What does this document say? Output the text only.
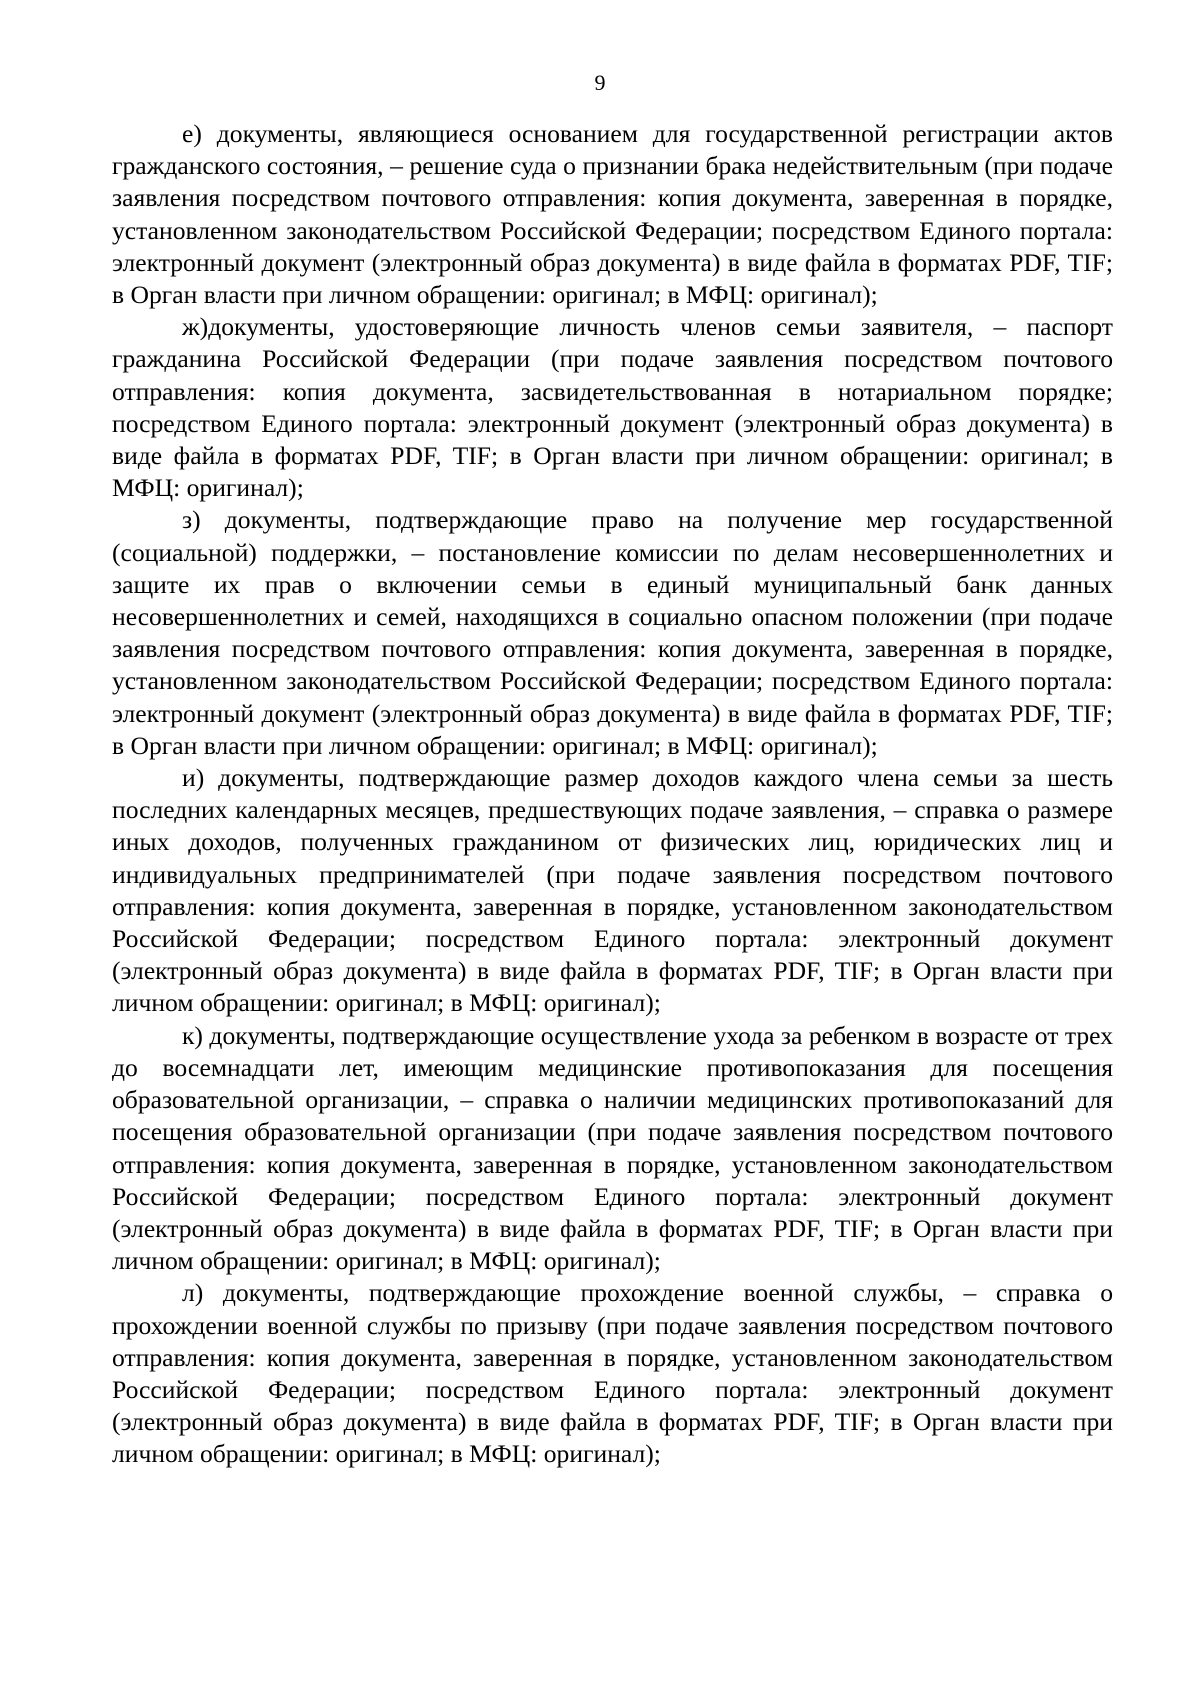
9

е) документы, являющиеся основанием для государственной регистрации актов гражданского состояния, – решение суда о признании брака недействительным (при подаче заявления посредством почтового отправления: копия документа, заверенная в порядке, установленном законодательством Российской Федерации; посредством Единого портала: электронный документ (электронный образ документа) в виде файла в форматах PDF, TIF; в Орган власти при личном обращении: оригинал; в МФЦ: оригинал);

ж)документы, удостоверяющие личность членов семьи заявителя, – паспорт гражданина Российской Федерации (при подаче заявления посредством почтового отправления: копия документа, засвидетельствованная в нотариальном порядке; посредством Единого портала: электронный документ (электронный образ документа) в виде файла в форматах PDF, TIF; в Орган власти при личном обращении: оригинал; в МФЦ: оригинал);

з) документы, подтверждающие право на получение мер государственной (социальной) поддержки, – постановление комиссии по делам несовершеннолетних и защите их прав о включении семьи в единый муниципальный банк данных несовершеннолетних и семей, находящихся в социально опасном положении (при подаче заявления посредством почтового отправления: копия документа, заверенная в порядке, установленном законодательством Российской Федерации; посредством Единого портала: электронный документ (электронный образ документа) в виде файла в форматах PDF, TIF; в Орган власти при личном обращении: оригинал; в МФЦ: оригинал);

и) документы, подтверждающие размер доходов каждого члена семьи за шесть последних календарных месяцев, предшествующих подаче заявления, – справка о размере иных доходов, полученных гражданином от физических лиц, юридических лиц и индивидуальных предпринимателей (при подаче заявления посредством почтового отправления: копия документа, заверенная в порядке, установленном законодательством Российской Федерации; посредством Единого портала: электронный документ (электронный образ документа) в виде файла в форматах PDF, TIF; в Орган власти при личном обращении: оригинал; в МФЦ: оригинал);

к) документы, подтверждающие осуществление ухода за ребенком в возрасте от трех до восемнадцати лет, имеющим медицинские противопоказания для посещения образовательной организации, – справка о наличии медицинских противопоказаний для посещения образовательной организации (при подаче заявления посредством почтового отправления: копия документа, заверенная в порядке, установленном законодательством Российской Федерации; посредством Единого портала: электронный документ (электронный образ документа) в виде файла в форматах PDF, TIF; в Орган власти при личном обращении: оригинал; в МФЦ: оригинал);

л) документы, подтверждающие прохождение военной службы, – справка о прохождении военной службы по призыву (при подаче заявления посредством почтового отправления: копия документа, заверенная в порядке, установленном законодательством Российской Федерации; посредством Единого портала: электронный документ (электронный образ документа) в виде файла в форматах PDF, TIF; в Орган власти при личном обращении: оригинал; в МФЦ: оригинал);
